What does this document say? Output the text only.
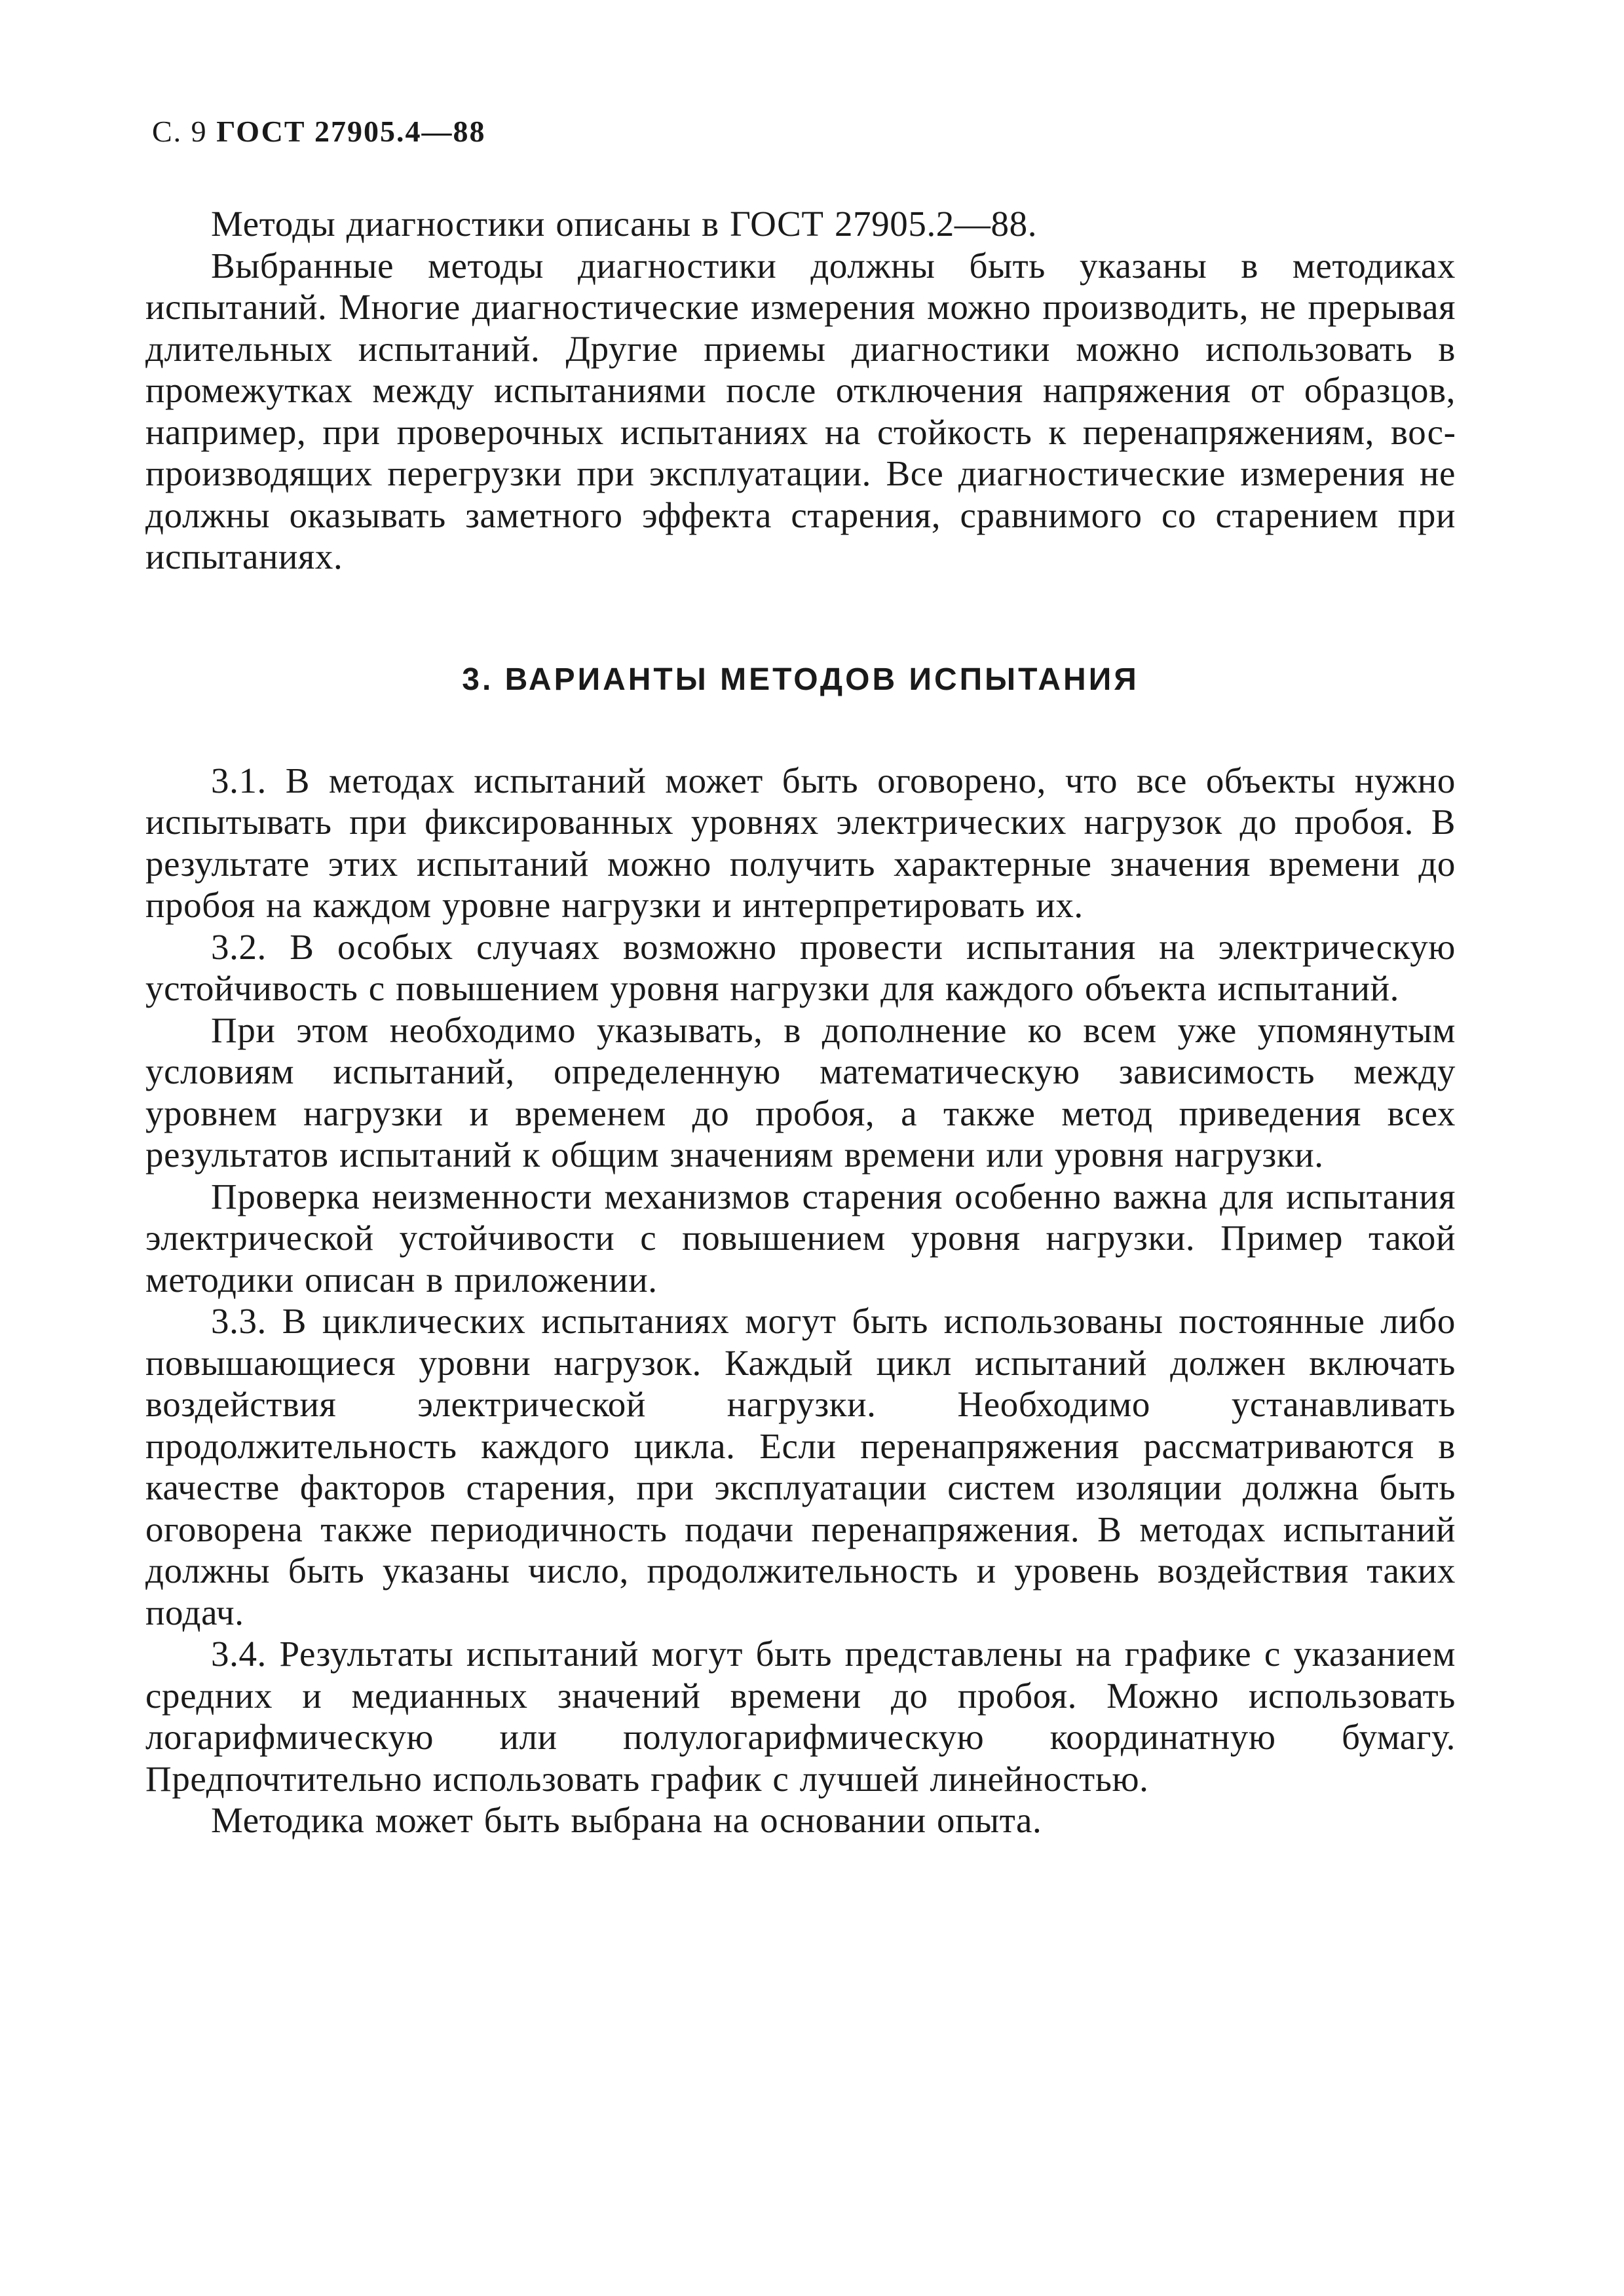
С. 9 ГОСТ 27905.4—88

Методы диагностики описаны в ГОСТ 27905.2—88.

Выбранные методы диагностики должны быть указаны в методиках испытаний. Многие диагностические измерения можно производить, не прерывая длительных испытаний. Другие приемы диагностики можно использовать в промежутках между испытаниями после отключения напряжения от образцов, например, при проверочных испытаниях на стойкость к перенапряжениям, воспроизводящих перегрузки при эксплуатации. Все диагностические измерения не должны оказывать заметного эффекта старения, сравнимого со старением при испытаниях.

3. ВАРИАНТЫ МЕТОДОВ ИСПЫТАНИЯ

3.1. В методах испытаний может быть оговорено, что все объекты нужно испытывать при фиксированных уровнях электрических нагрузок до пробоя. В результате этих испытаний можно получить характерные значения времени до пробоя на каждом уровне нагрузки и интерпретировать их.

3.2. В особых случаях возможно провести испытания на электрическую устойчивость с повышением уровня нагрузки для каждого объекта испытаний.

При этом необходимо указывать, в дополнение ко всем уже упомянутым условиям испытаний, определенную математическую зависимость между уровнем нагрузки и временем до пробоя, а также метод приведения всех результатов испытаний к общим значениям времени или уровня нагрузки.

Проверка неизменности механизмов старения особенно важна для испытания электрической устойчивости с повышением уровня нагрузки. Пример такой методики описан в приложении.

3.3. В циклических испытаниях могут быть использованы постоянные либо повышающиеся уровни нагрузок. Каждый цикл испытаний должен включать воздействия электрической нагрузки. Необходимо устанавливать продолжительность каждого цикла. Если перенапряжения рассматриваются в качестве факторов старения, при эксплуатации систем изоляции должна быть оговорена также периодичность подачи перенапряжения. В методах испытаний должны быть указаны число, продолжительность и уровень воздействия таких подач.

3.4. Результаты испытаний могут быть представлены на графике с указанием средних и медианных значений времени до пробоя. Можно использовать логарифмическую или полулогарифмическую координатную бумагу. Предпочтительно использовать график с лучшей линейностью.

Методика может быть выбрана на основании опыта.
